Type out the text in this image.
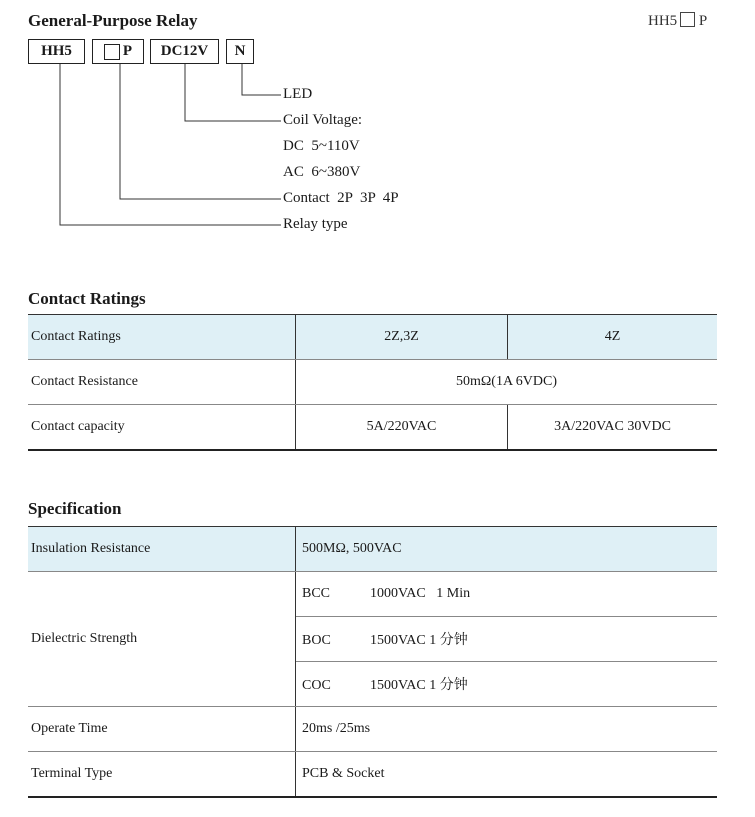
General-Purpose Relay	HH5 P
HH5	P DC12V N
LED
Coil Voltage:
DC  5~110V
AC  6~380V
Contact  2P  3P  4P
Relay type
Contact Ratings
Contact Ratings	2Z,3Z	4Z
Contact Resistance	50mΩ(1A 6VDC)	
Contact capacity	5A/220VAC	3A/220VAC 30VDC
Specification
Insulation Resistance	500MΩ, 500VAC
Dielectric Strength	BCC 1000VAC   1 Min
	BOC 1500VAC 1 分钟
	COC 1500VAC 1 分钟
Operate Time	20ms /25ms
Terminal Type	PCB & Socket
